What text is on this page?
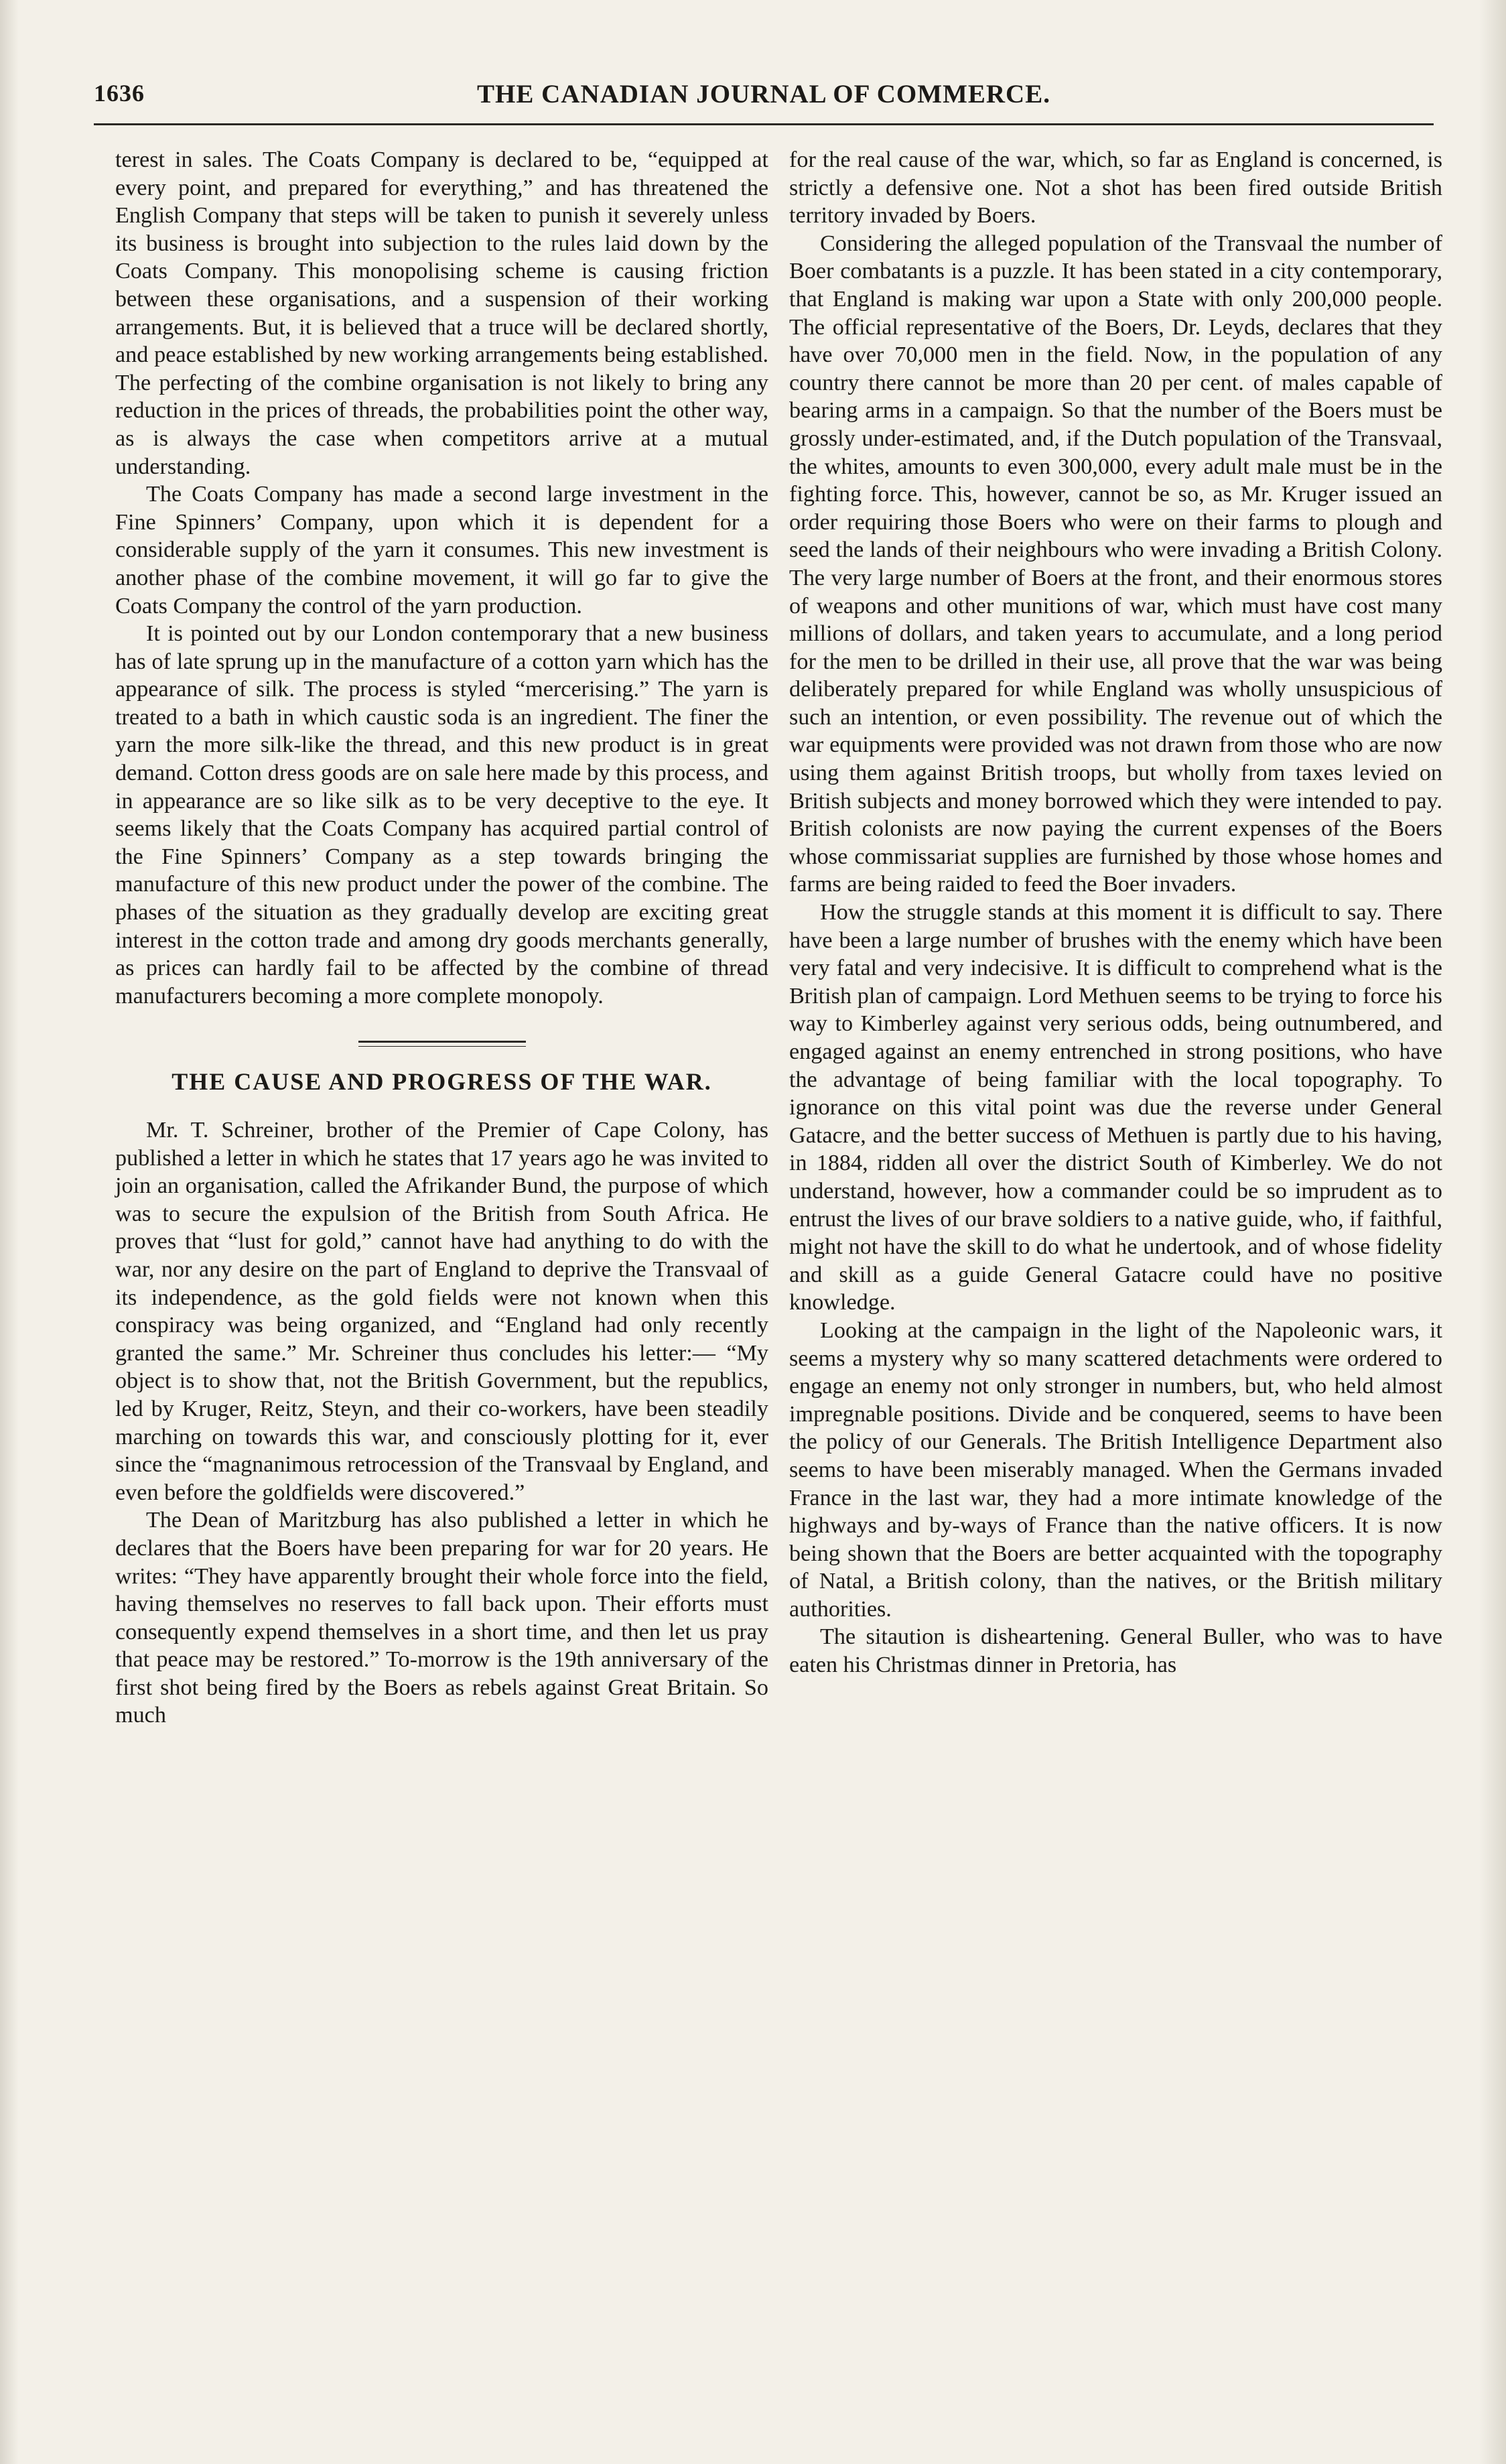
1636	THE CANADIAN JOURNAL OF COMMERCE.

terest in sales. The Coats Company is declared to be, “equipped at every point, and prepared for everything,” and has threatened the English Company that steps will be taken to punish it severely unless its business is brought into subjection to the rules laid down by the Coats Company. This monopolising scheme is causing friction between these organisations, and a suspension of their working arrangements. But, it is believed that a truce will be declared shortly, and peace established by new working arrangements being established. The perfecting of the combine organisation is not likely to bring any reduction in the prices of threads, the probabilities point the other way, as is always the case when competitors arrive at a mutual understanding.

The Coats Company has made a second large investment in the Fine Spinners’ Company, upon which it is dependent for a considerable supply of the yarn it consumes. This new investment is another phase of the combine movement, it will go far to give the Coats Company the control of the yarn production.

It is pointed out by our London contemporary that a new business has of late sprung up in the manufacture of a cotton yarn which has the appearance of silk. The process is styled “mercerising.” The yarn is treated to a bath in which caustic soda is an ingredient. The finer the yarn the more silk-like the thread, and this new product is in great demand. Cotton dress goods are on sale here made by this process, and in appearance are so like silk as to be very deceptive to the eye. It seems likely that the Coats Company has acquired partial control of the Fine Spinners’ Company as a step towards bringing the manufacture of this new product under the power of the combine. The phases of the situation as they gradually develop are exciting great interest in the cotton trade and among dry goods merchants generally, as prices can hardly fail to be affected by the combine of thread manufacturers becoming a more complete monopoly.

THE CAUSE AND PROGRESS OF THE WAR.

Mr. T. Schreiner, brother of the Premier of Cape Colony, has published a letter in which he states that 17 years ago he was invited to join an organisation, called the Afrikander Bund, the purpose of which was to secure the expulsion of the British from South Africa. He proves that “lust for gold,” cannot have had anything to do with the war, nor any desire on the part of England to deprive the Transvaal of its independence, as the gold fields were not known when this conspiracy was being organized, and “England had only recently granted the same.” Mr. Schreiner thus concludes his letter:— “My object is to show that, not the British Government, but the republics, led by Kruger, Reitz, Steyn, and their co-workers, have been steadily marching on towards this war, and consciously plotting for it, ever since the “magnanimous retrocession of the Transvaal by England, and even before the goldfields were discovered.”

The Dean of Maritzburg has also published a letter in which he declares that the Boers have been preparing for war for 20 years. He writes: “They have apparently brought their whole force into the field, having themselves no reserves to fall back upon. Their efforts must consequently expend themselves in a short time, and then let us pray that peace may be restored.” To-morrow is the 19th anniversary of the first shot being fired by the Boers as rebels against Great Britain. So much

for the real cause of the war, which, so far as England is concerned, is strictly a defensive one. Not a shot has been fired outside British territory invaded by Boers.

Considering the alleged population of the Transvaal the number of Boer combatants is a puzzle. It has been stated in a city contemporary, that England is making war upon a State with only 200,000 people. The official representative of the Boers, Dr. Leyds, declares that they have over 70,000 men in the field. Now, in the population of any country there cannot be more than 20 per cent. of males capable of bearing arms in a campaign. So that the number of the Boers must be grossly under-estimated, and, if the Dutch population of the Transvaal, the whites, amounts to even 300,000, every adult male must be in the fighting force. This, however, cannot be so, as Mr. Kruger issued an order requiring those Boers who were on their farms to plough and seed the lands of their neighbours who were invading a British Colony. The very large number of Boers at the front, and their enormous stores of weapons and other munitions of war, which must have cost many millions of dollars, and taken years to accumulate, and a long period for the men to be drilled in their use, all prove that the war was being deliberately prepared for while England was wholly unsuspicious of such an intention, or even possibility. The revenue out of which the war equipments were provided was not drawn from those who are now using them against British troops, but wholly from taxes levied on British subjects and money borrowed which they were intended to pay. British colonists are now paying the current expenses of the Boers whose commissariat supplies are furnished by those whose homes and farms are being raided to feed the Boer invaders.

How the struggle stands at this moment it is difficult to say. There have been a large number of brushes with the enemy which have been very fatal and very indecisive. It is difficult to comprehend what is the British plan of campaign. Lord Methuen seems to be trying to force his way to Kimberley against very serious odds, being outnumbered, and engaged against an enemy entrenched in strong positions, who have the advantage of being familiar with the local topography. To ignorance on this vital point was due the reverse under General Gatacre, and the better success of Methuen is partly due to his having, in 1884, ridden all over the district South of Kimberley. We do not understand, however, how a commander could be so imprudent as to entrust the lives of our brave soldiers to a native guide, who, if faithful, might not have the skill to do what he undertook, and of whose fidelity and skill as a guide General Gatacre could have no positive knowledge.

Looking at the campaign in the light of the Napoleonic wars, it seems a mystery why so many scattered detachments were ordered to engage an enemy not only stronger in numbers, but, who held almost impregnable positions. Divide and be conquered, seems to have been the policy of our Generals. The British Intelligence Department also seems to have been miserably managed. When the Germans invaded France in the last war, they had a more intimate knowledge of the highways and by-ways of France than the native officers. It is now being shown that the Boers are better acquainted with the topography of Natal, a British colony, than the natives, or the British military authorities.

The sitaution is disheartening. General Buller, who was to have eaten his Christmas dinner in Pretoria, has
